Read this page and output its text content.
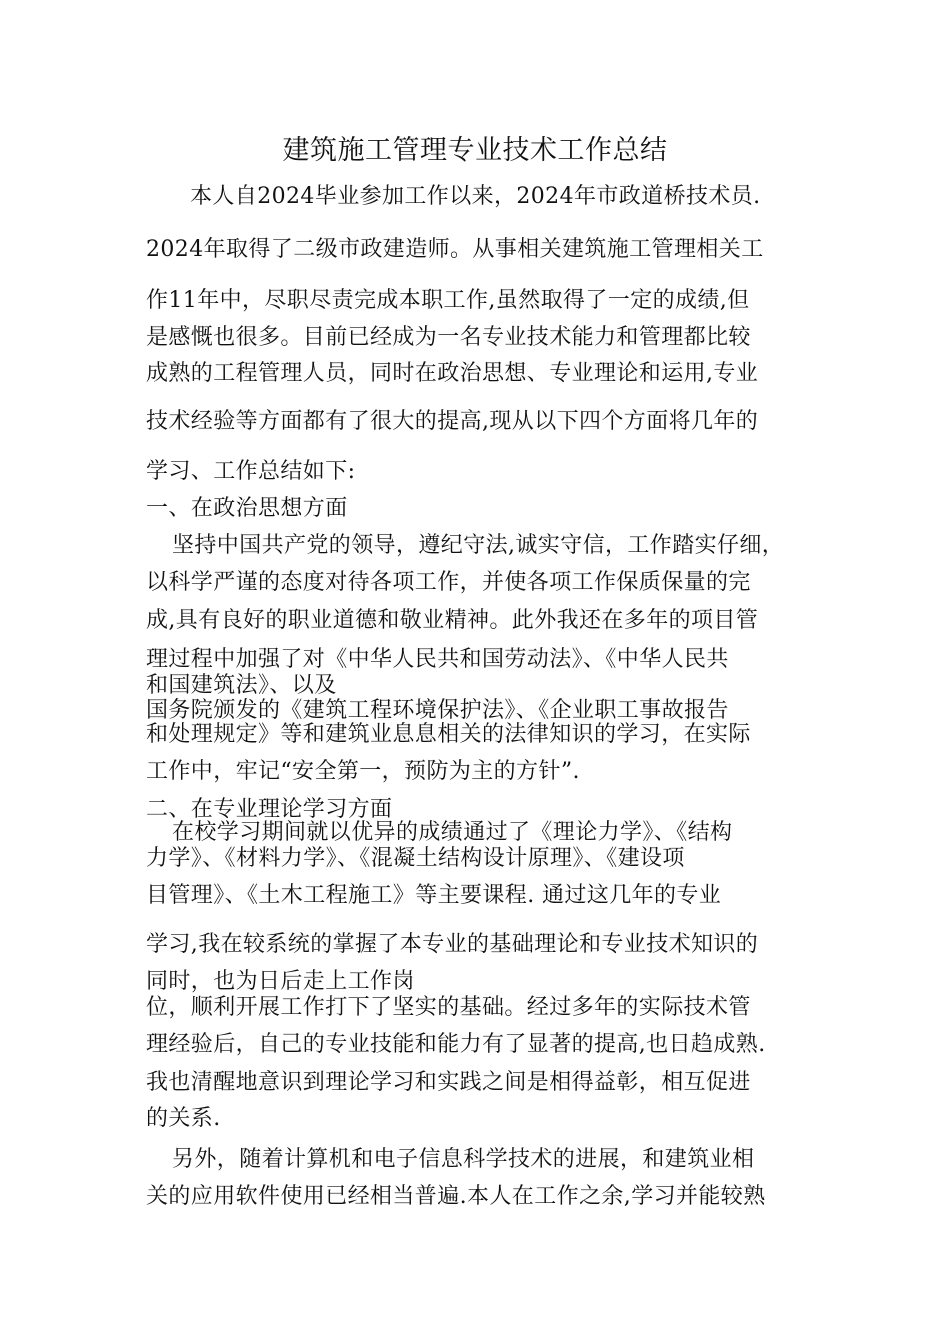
建筑施工管理专业技术工作总结
本人自2024毕业参加工作以来，2024年市政道桥技术员.
2024年取得了二级市政建造师。从事相关建筑施工管理相关工
作11年中，尽职尽责完成本职工作,虽然取得了一定的成绩,但
是感慨也很多。目前已经成为一名专业技术能力和管理都比较
成熟的工程管理人员，同时在政治思想、专业理论和运用,专业
技术经验等方面都有了很大的提高,现从以下四个方面将几年的
学习、工作总结如下:
一、在政治思想方面
坚持中国共产党的领导，遵纪守法,诚实守信，工作踏实仔细，
以科学严谨的态度对待各项工作，并使各项工作保质保量的完
成,具有良好的职业道德和敬业精神。此外我还在多年的项目管
理过程中加强了对《中华人民共和国劳动法》、《中华人民共
和国建筑法》、以及
国务院颁发的《建筑工程环境保护法》、《企业职工事故报告
和处理规定》等和建筑业息息相关的法律知识的学习，在实际
工作中，牢记“安全第一，预防为主的方针”.
二、在专业理论学习方面
在校学习期间就以优异的成绩通过了《理论力学》、《结构
力学》、《材料力学》、《混凝土结构设计原理》、《建设项
目管理》、《土木工程施工》等主要课程. 通过这几年的专业
学习,我在较系统的掌握了本专业的基础理论和专业技术知识的
同时，也为日后走上工作岗
位，顺利开展工作打下了坚实的基础。经过多年的实际技术管
理经验后，自己的专业技能和能力有了显著的提高,也日趋成熟.
我也清醒地意识到理论学习和实践之间是相得益彰，相互促进
的关系.
另外，随着计算机和电子信息科学技术的进展，和建筑业相
关的应用软件使用已经相当普遍.本人在工作之余,学习并能较熟
